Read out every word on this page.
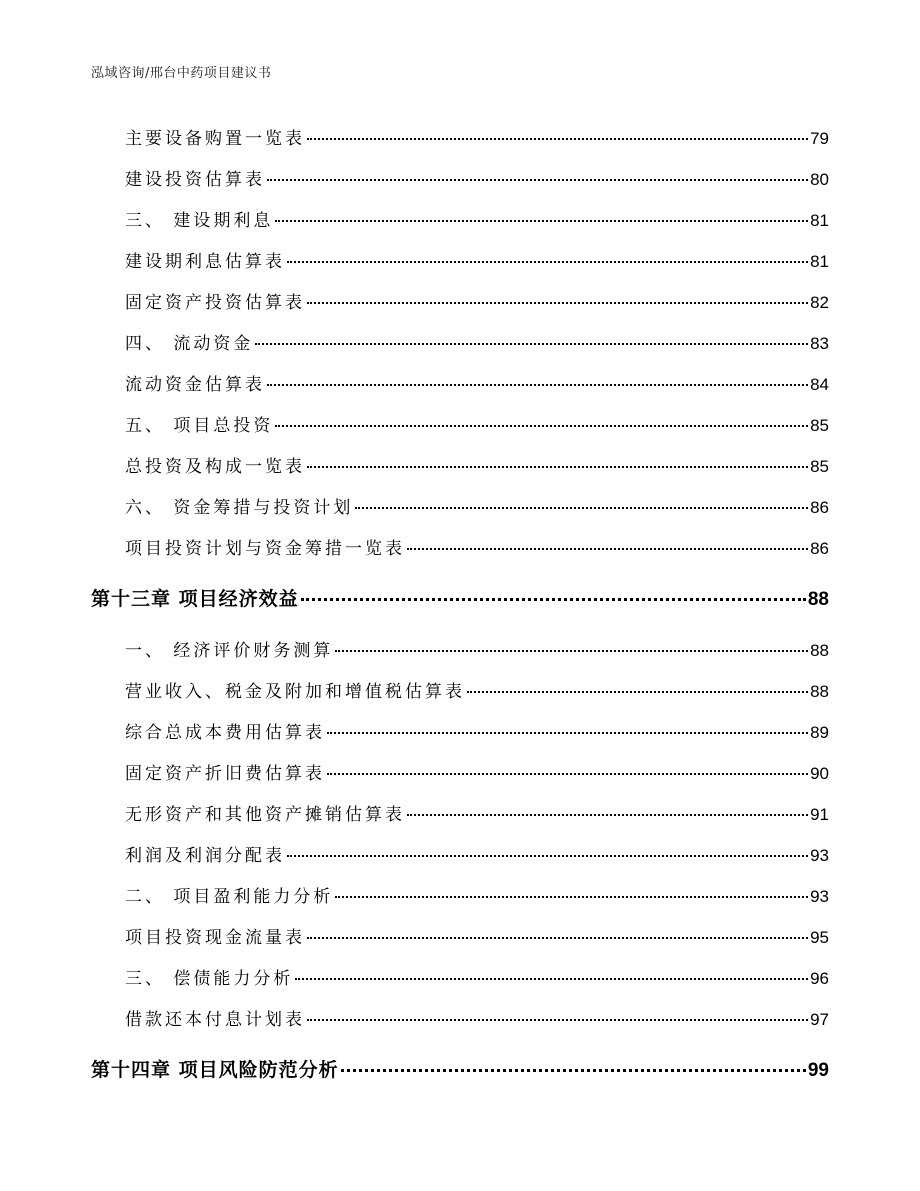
泓域咨询/邢台中药项目建议书
主要设备购置一览表	79
建设投资估算表	80
三、 建设期利息	81
建设期利息估算表	81
固定资产投资估算表	82
四、 流动资金	83
流动资金估算表	84
五、 项目总投资	85
总投资及构成一览表	85
六、 资金筹措与投资计划	86
项目投资计划与资金筹措一览表	86
第十三章 项目经济效益	88
一、 经济评价财务测算	88
营业收入、税金及附加和增值税估算表	88
综合总成本费用估算表	89
固定资产折旧费估算表	90
无形资产和其他资产摊销估算表	91
利润及利润分配表	93
二、 项目盈利能力分析	93
项目投资现金流量表	95
三、 偿债能力分析	96
借款还本付息计划表	97
第十四章 项目风险防范分析	99
